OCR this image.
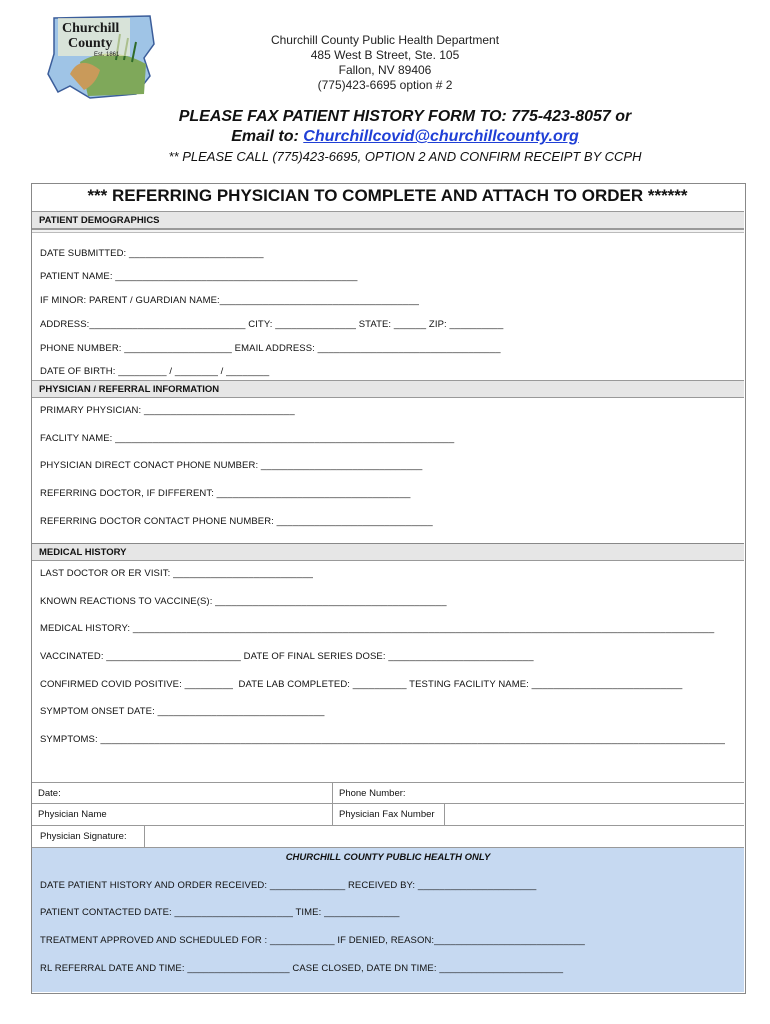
Churchill
County
Est. 1861
Churchill County Public Health Department
485 West B Street, Ste. 105
Fallon, NV 89406
(775)423-6695 option # 2
PLEASE FAX PATIENT HISTORY FORM TO: 775-423-8057 or
Email to: Churchillcovid@churchillcounty.org
** PLEASE CALL (775)423-6695, OPTION 2 AND CONFIRM RECEIPT BY CCPH
*** REFERRING PHYSICIAN TO COMPLETE AND ATTACH TO ORDER ******
PATIENT DEMOGRAPHICS
DATE SUBMITTED: _________________________
PATIENT NAME: _____________________________________________
IF MINOR: PARENT / GUARDIAN NAME:_____________________________________
ADDRESS:_____________________________ CITY: _______________ STATE: ______ ZIP: __________
PHONE NUMBER: ____________________ EMAIL ADDRESS: __________________________________
DATE OF BIRTH: _________ / ________ / ________
PHYSICIAN / REFERRAL INFORMATION
PRIMARY PHYSICIAN: ____________________________
FACLITY NAME: _______________________________________________________________
PHYSICIAN DIRECT CONACT PHONE NUMBER: ______________________________
REFERRING DOCTOR, IF DIFFERENT: ____________________________________
REFERRING DOCTOR CONTACT PHONE NUMBER: _____________________________
MEDICAL HISTORY
LAST DOCTOR OR ER VISIT: __________________________
KNOWN REACTIONS TO VACCINE(S): ___________________________________________
MEDICAL HISTORY: ____________________________________________________________________________________________________________
VACCINATED: _________________________ DATE OF FINAL SERIES DOSE: ___________________________
CONFIRMED COVID POSITIVE: _________  DATE LAB COMPLETED: __________ TESTING FACILITY NAME: ____________________________
SYMPTOM ONSET DATE: _______________________________
SYMPTOMS: ____________________________________________________________________________________________________________________
Date:	Phone Number:
Physician Name	Physician Fax Number
Physician Signature:
CHURCHILL COUNTY PUBLIC HEALTH ONLY
DATE PATIENT HISTORY AND ORDER RECEIVED: ______________ RECEIVED BY: ______________________
PATIENT CONTACTED DATE: ______________________ TIME: ______________
TREATMENT APPROVED AND SCHEDULED FOR : ____________ IF DENIED, REASON:____________________________
RL REFERRAL DATE AND TIME: ___________________ CASE CLOSED, DATE DN TIME: _______________________
